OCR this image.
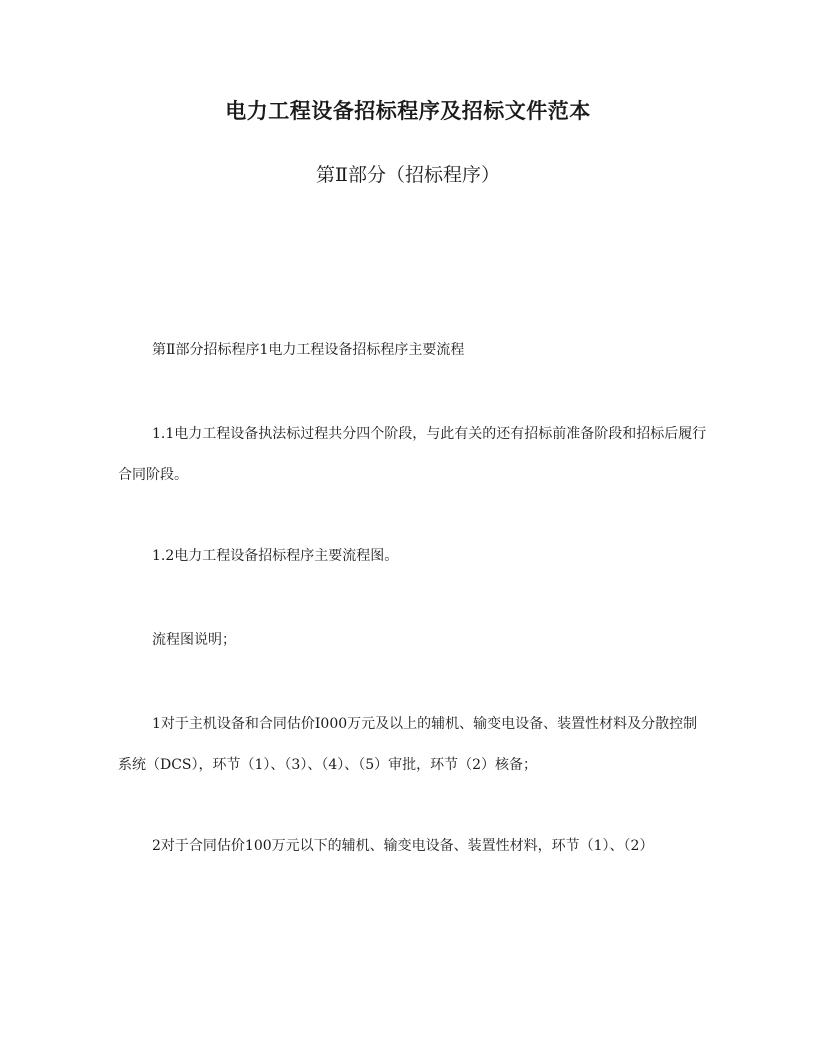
电力工程设备招标程序及招标文件范本
第Ⅱ部分（招标程序）

第Ⅱ部分招标程序1电力工程设备招标程序主要流程

1.1电力工程设备执法标过程共分四个阶段，与此有关的还有招标前准备阶段和招标后履行合同阶段。

1.2电力工程设备招标程序主要流程图。

流程图说明；

1对于主机设备和合同估价I000万元及以上的辅机、输变电设备、装置性材料及分散控制系统（DCS），环节（1）、（3）、（4）、（5）审批，环节（2）核备；

2对于合同估价100万元以下的辅机、输变电设备、装置性材料，环节（1）、（2）
